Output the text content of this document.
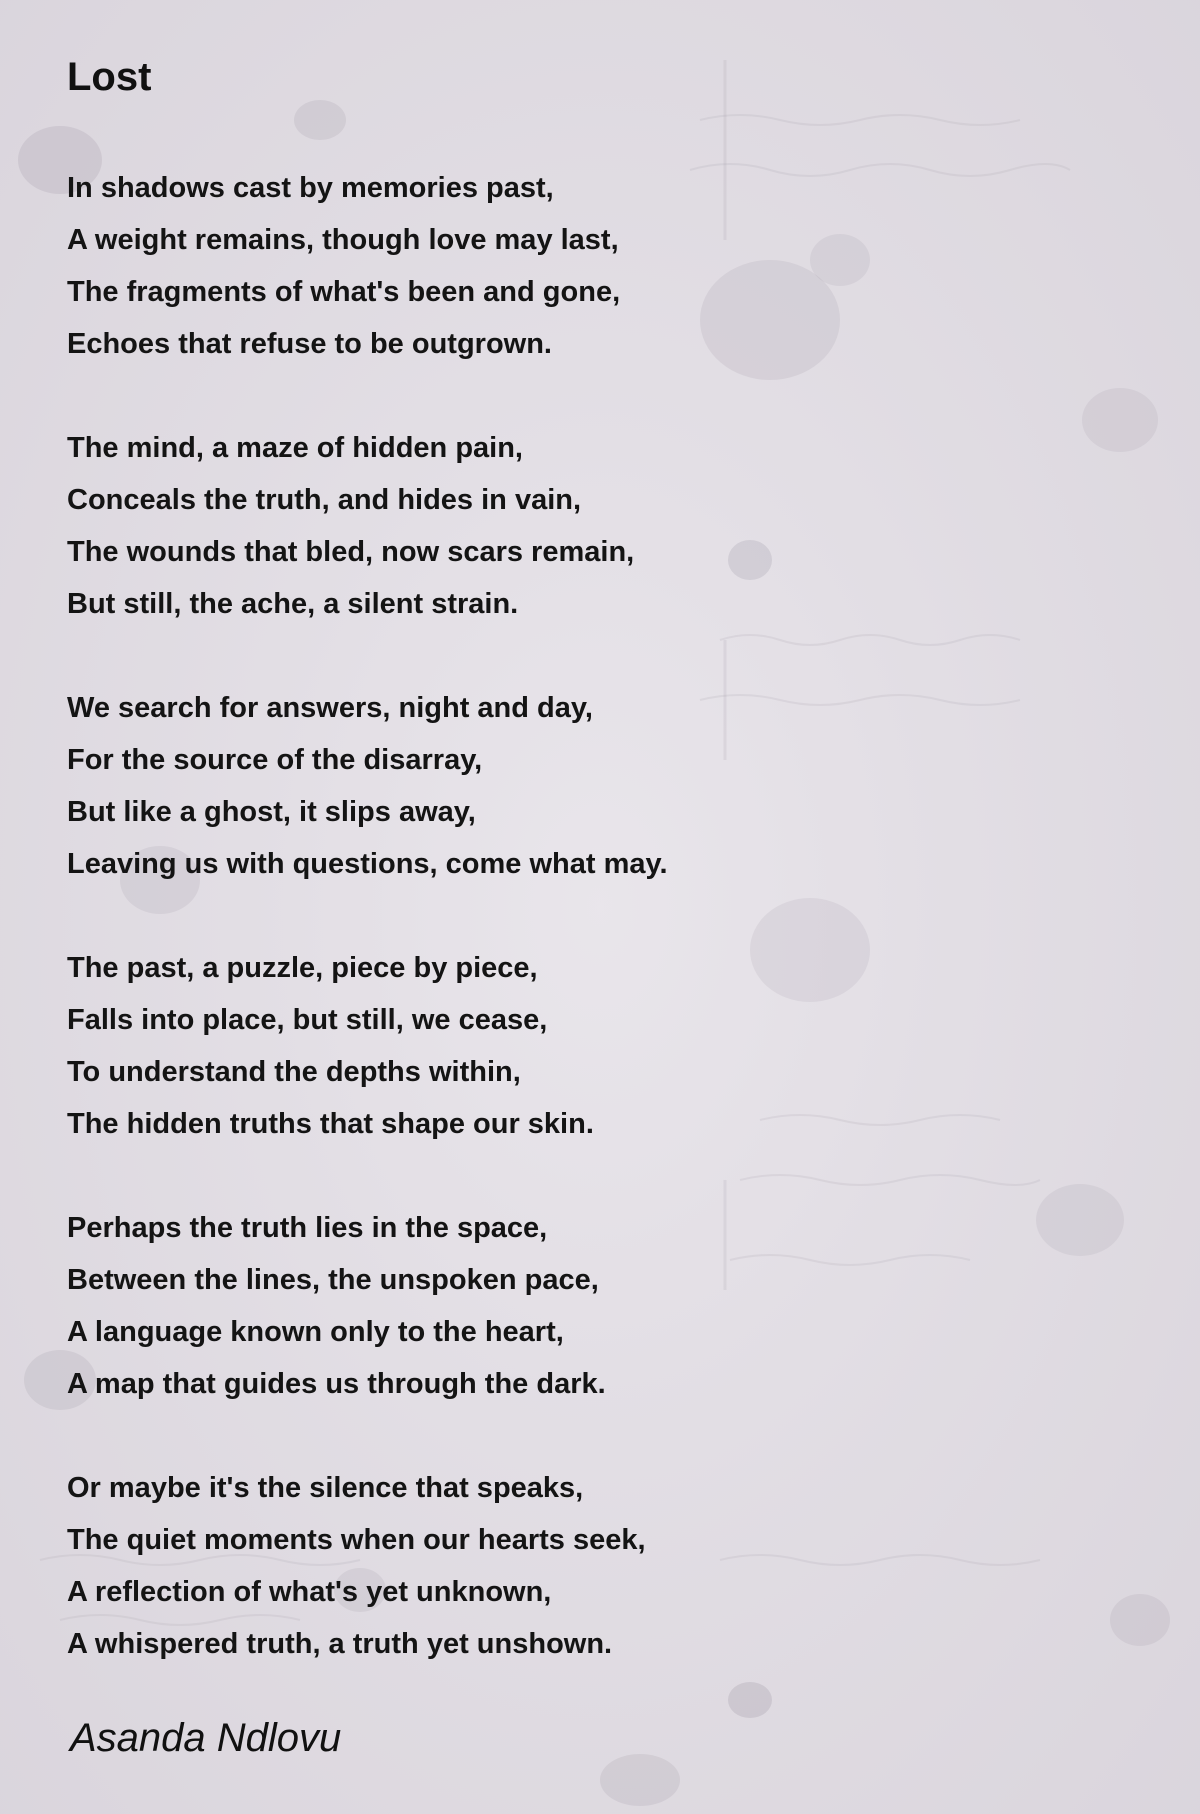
Lost
In shadows cast by memories past,
A weight remains, though love may last,
The fragments of what's been and gone,
Echoes that refuse to be outgrown.
The mind, a maze of hidden pain,
Conceals the truth, and hides in vain,
The wounds that bled, now scars remain,
But still, the ache, a silent strain.
We search for answers, night and day,
For the source of the disarray,
But like a ghost, it slips away,
Leaving us with questions, come what may.
The past, a puzzle, piece by piece,
Falls into place, but still, we cease,
To understand the depths within,
The hidden truths that shape our skin.
Perhaps the truth lies in the space,
Between the lines, the unspoken pace,
A language known only to the heart,
A map that guides us through the dark.
Or maybe it's the silence that speaks,
The quiet moments when our hearts seek,
A reflection of what's yet unknown,
A whispered truth, a truth yet unshown.
Asanda Ndlovu
